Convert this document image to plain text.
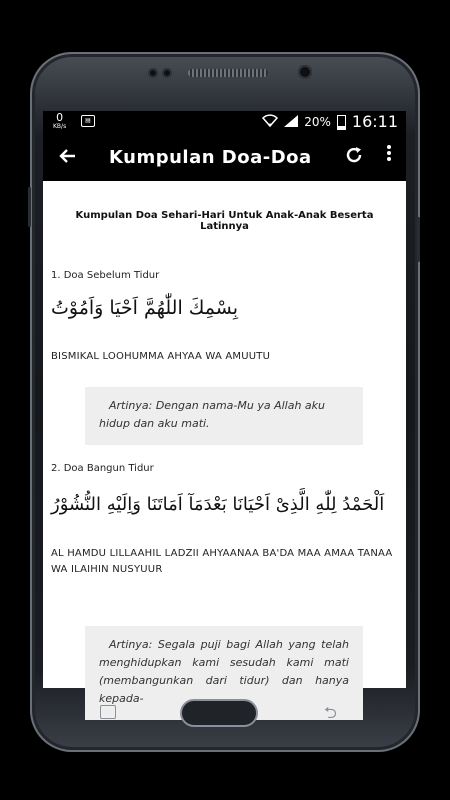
0
KB/s
▤	20% 16:11
Kumpulan Doa-Doa
Kumpulan Doa Sehari-Hari Untuk Anak-Anak Beserta Latinnya
1. Doa Sebelum Tidur
بِسْمِكَ اللّٰهُمَّ اَحْيَا وَاَمُوْتُ
BISMIKAL LOOHUMMA AHYAA WA AMUUTU
Artinya: Dengan nama-Mu ya Allah aku hidup dan aku mati.
2. Doa Bangun Tidur
اَلْحَمْدُ لِلّٰهِ الَّذِىْ اَحْيَانَا بَعْدَمَآ اَمَاتَنَا وَاِلَيْهِ النُّشُوْرُ
AL HAMDU LILLAAHIL LADZII AHYAANAA BA'DA MAA AMAA TANAA WA ILAIHIN NUSYUUR
Artinya: Segala puji bagi Allah yang telah menghidupkan kami sesudah kami mati (membangunkan dari tidur) dan hanya kepada-
⮌
